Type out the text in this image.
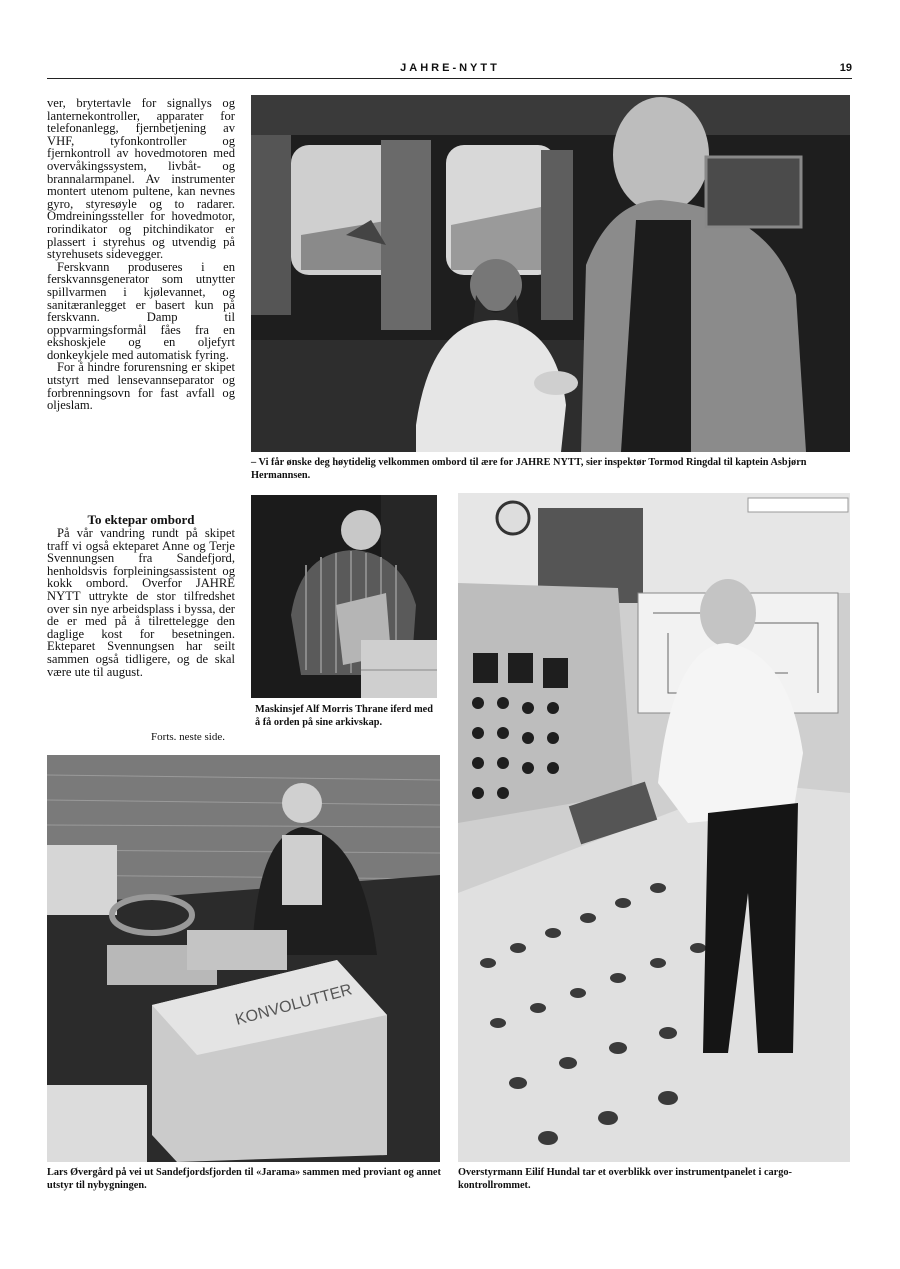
JAHRE-NYTT	19

ver, brytertavle for signallys og lanternekontroller, apparater for telefonanlegg, fjernbetjening av VHF, tyfonkontroller og fjernkontroll av hovedmotoren med overvåkingssystem, livbåt- og brannalarmpanel. Av instrumenter montert utenom pultene, kan nevnes gyro, styresøyle og to radarer. Omdreiningssteller for hovedmotor, rorindikator og pitchindikator er plassert i styrehus og utvendig på styrehusets sidevegger.

Ferskvann produseres i en ferskvannsgenerator som utnytter spillvarmen i kjølevannet, og sanitæranlegget er basert kun på ferskvann. Damp til oppvarmingsformål fåes fra en ekshoskjele og en oljefyrt donkeykjele med automatisk fyring.

For å hindre forurensning er skipet utstyrt med lensevannseparator og forbrenningsovn for fast avfall og oljeslam.

To ektepar ombord

På vår vandring rundt på skipet traff vi også ekteparet Anne og Terje Svennungsen fra Sandefjord, henholdsvis forpleiningsassistent og kokk ombord. Overfor JAHRE NYTT uttrykte de stor tilfredshet over sin nye arbeidsplass i byssa, der de er med på å tilrettelegge den daglige kost for besetningen. Ekteparet Svennungsen har seilt sammen også tidligere, og de skal være ute til august.

Forts. neste side.
– Vi får ønske deg høytidelig velkommen ombord til ære for JAHRE NYTT, sier inspektør Tormod Ringdal til kaptein Asbjørn Hermannsen.
Maskinsjef Alf Morris Thrane iferd med å få orden på sine arkivskap.
KONVOLUTTER
Lars Øvergård på vei ut Sandefjordsfjorden til «Jarama» sammen med proviant og annet utstyr til nybygningen.
Overstyrmann Eilif Hundal tar et overblikk over instrumentpanelet i cargo-kontrollrommet.
